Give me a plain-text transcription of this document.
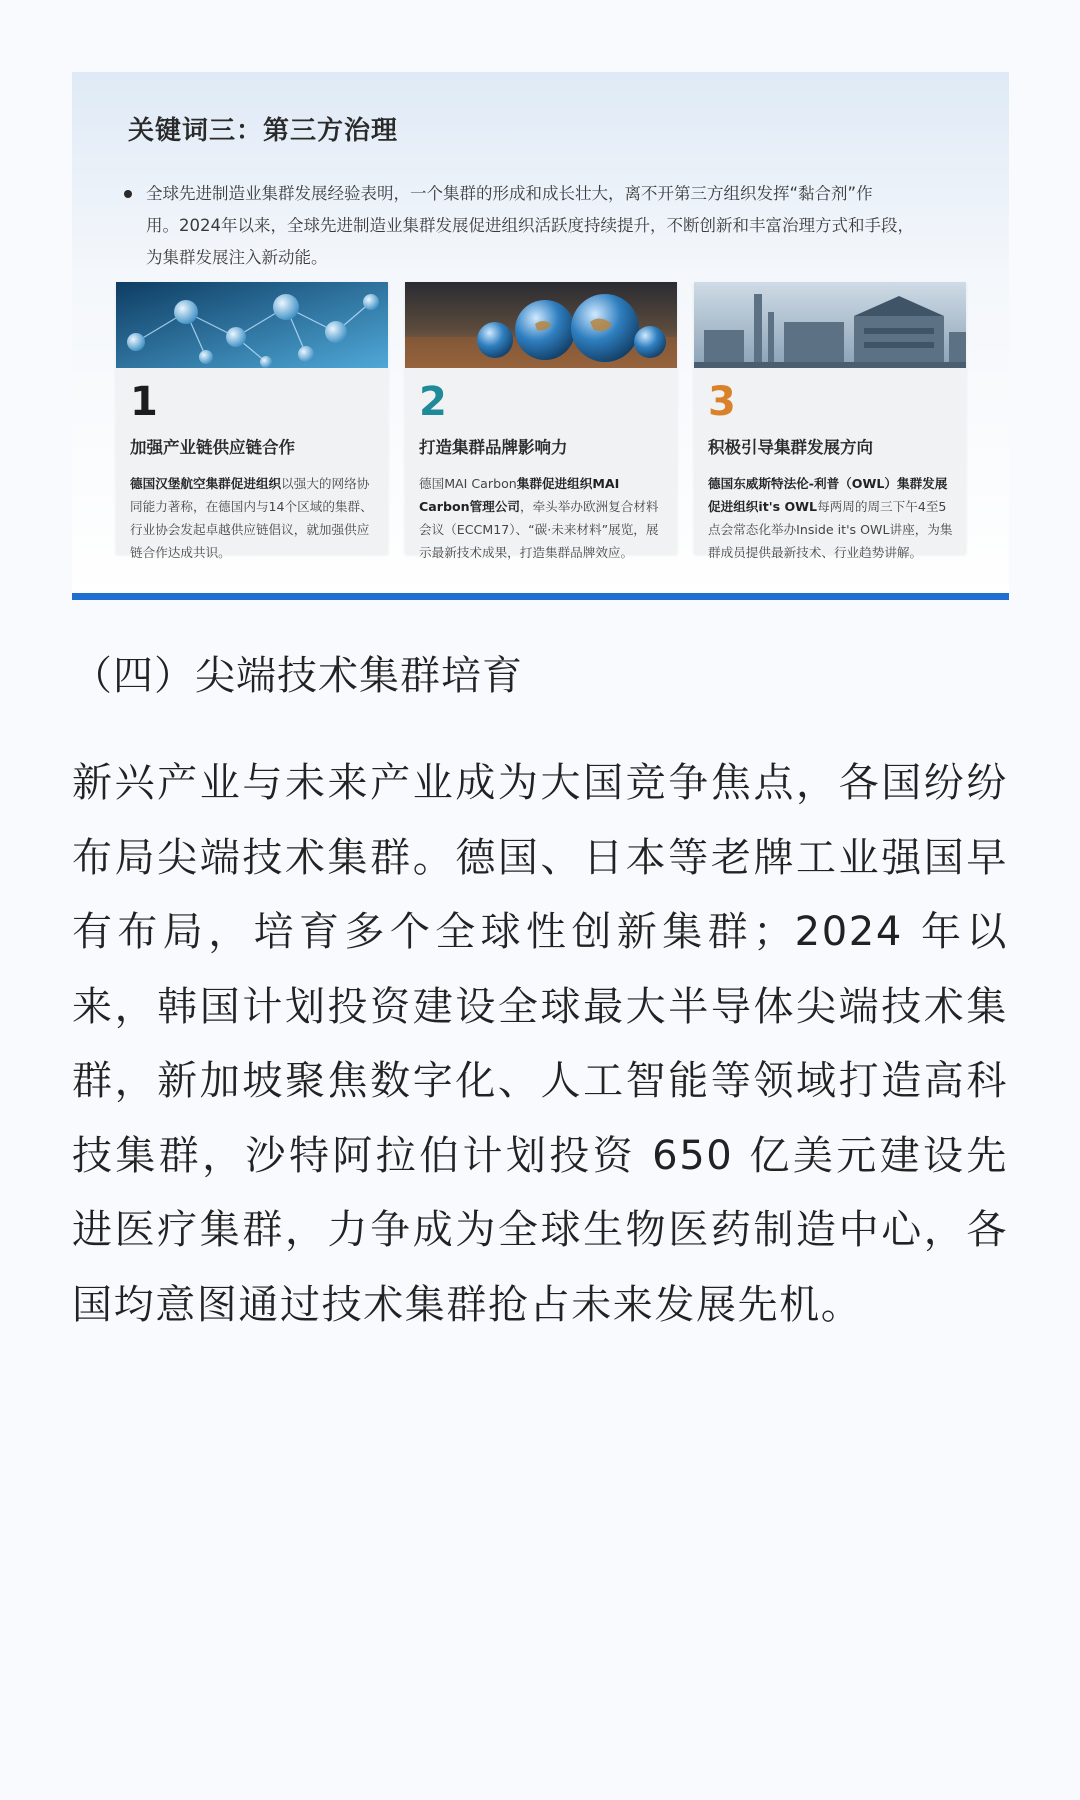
关键词三：第三方治理

全球先进制造业集群发展经验表明，一个集群的形成和成长壮大，离不开第三方组织发挥“黏合剂”作

用。2024年以来，全球先进制造业集群发展促进组织活跃度持续提升，不断创新和丰富治理方式和手段，

为集群发展注入新动能。

1
加强产业链供应链合作
德国汉堡航空集群促进组织以强大的网络协同能力著称，在德国内与14个区域的集群、行业协会发起卓越供应链倡议，就加强供应链合作达成共识。
2
打造集群品牌影响力
德国MAI Carbon集群促进组织MAI Carbon管理公司，牵头举办欧洲复合材料会议（ECCM17）、“碳·未来材料”展览，展示最新技术成果，打造集群品牌效应。
3
积极引导集群发展方向
德国东威斯特法伦-利普（OWL）集群发展促进组织it's OWL每两周的周三下午4至5点会常态化举办Inside it's OWL讲座，为集群成员提供最新技术、行业趋势讲解。
（四）尖端技术集群培育

新兴产业与未来产业成为大国竞争焦点，各国纷纷布局尖端技术集群。德国、日本等老牌工业强国早有布局，培育多个全球性创新集群；2024 年以来，韩国计划投资建设全球最大半导体尖端技术集群，新加坡聚焦数字化、人工智能等领域打造高科技集群，沙特阿拉伯计划投资 650 亿美元建设先进医疗集群，力争成为全球生物医药制造中心，各国均意图通过技术集群抢占未来发展先机。
